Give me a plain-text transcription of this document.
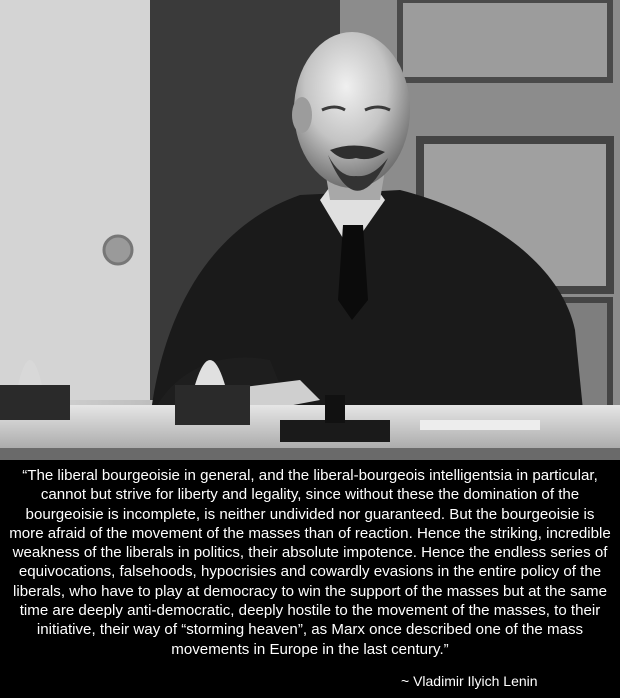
“The liberal bourgeoisie in general, and the liberal-bourgeois intelligentsia in particular, cannot but strive for liberty and legality, since without these the domination of the bourgeoisie is incomplete, is neither undivided nor guaranteed. But the bourgeoisie is more afraid of the movement of the masses than of reaction. Hence the striking, incredible weakness of the liberals in politics, their absolute impotence. Hence the endless series of equivocations, falsehoods, hypocrisies and cowardly evasions in the entire policy of the liberals, who have to play at democracy to win the support of the masses but at the same time are deeply anti-democratic, deeply hostile to the movement of the masses, to their initiative, their way of “storming heaven”, as Marx once described one of the mass movements in Europe in the last century.”

~ Vladimir Ilyich Lenin
